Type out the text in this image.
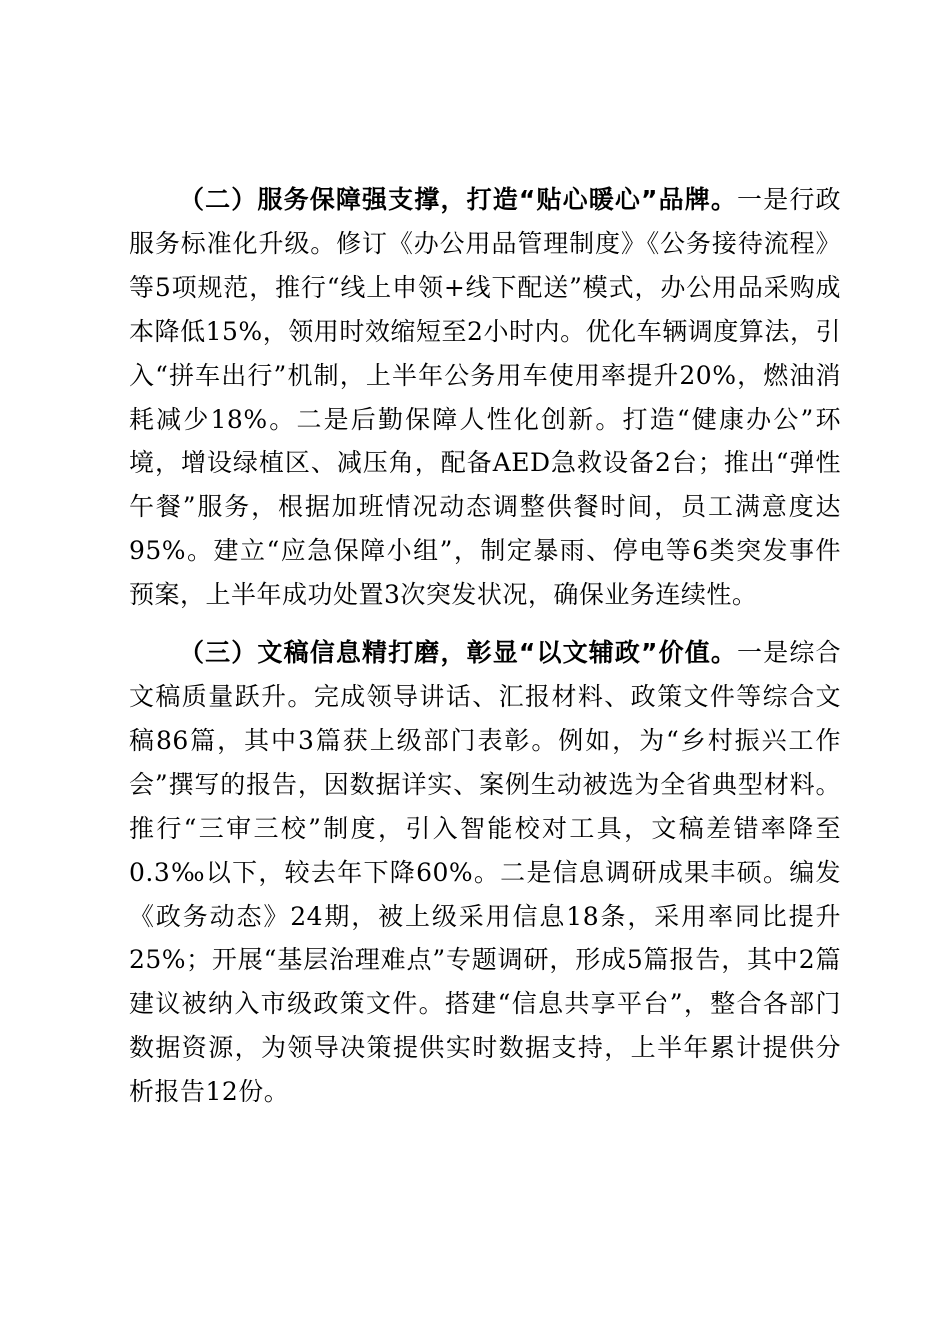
（二）服务保障强支撑，打造“贴心暖心”品牌。一是行政服务标准化升级。修订《办公用品管理制度》《公务接待流程》等5项规范，推行“线上申领+线下配送”模式，办公用品采购成本降低15%，领用时效缩短至2小时内。优化车辆调度算法，引入“拼车出行”机制，上半年公务用车使用率提升20%，燃油消耗减少18%。二是后勤保障人性化创新。打造“健康办公”环境，增设绿植区、减压角，配备AED急救设备2台；推出“弹性午餐”服务，根据加班情况动态调整供餐时间，员工满意度达95%。建立“应急保障小组”，制定暴雨、停电等6类突发事件预案，上半年成功处置3次突发状况，确保业务连续性。

（三）文稿信息精打磨，彰显“以文辅政”价值。一是综合文稿质量跃升。完成领导讲话、汇报材料、政策文件等综合文稿86篇，其中3篇获上级部门表彰。例如，为“乡村振兴工作会”撰写的报告，因数据详实、案例生动被选为全省典型材料。推行“三审三校”制度，引入智能校对工具，文稿差错率降至0.3‰以下，较去年下降60%。二是信息调研成果丰硕。编发《政务动态》24期，被上级采用信息18条，采用率同比提升25%；开展“基层治理难点”专题调研，形成5篇报告，其中2篇建议被纳入市级政策文件。搭建“信息共享平台”，整合各部门数据资源，为领导决策提供实时数据支持，上半年累计提供分析报告12份。
